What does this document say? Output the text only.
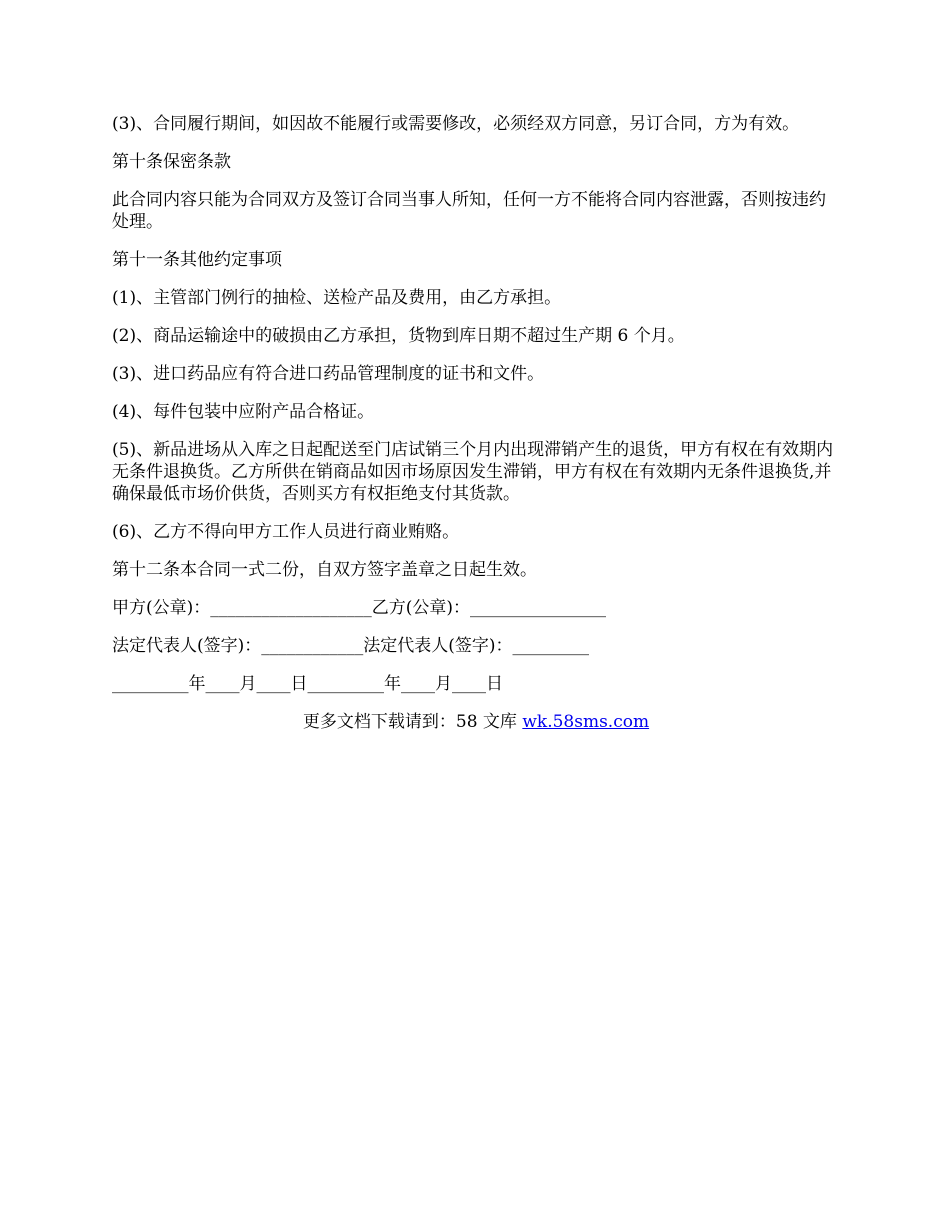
(3)、合同履行期间，如因故不能履行或需要修改，必须经双方同意，另订合同，方为有效。

第十条保密条款

此合同内容只能为合同双方及签订合同当事人所知，任何一方不能将合同内容泄露，否则按违约处理。

第十一条其他约定事项

(1)、主管部门例行的抽检、送检产品及费用，由乙方承担。

(2)、商品运输途中的破损由乙方承担，货物到库日期不超过生产期 6 个月。

(3)、进口药品应有符合进口药品管理制度的证书和文件。

(4)、每件包装中应附产品合格证。

(5)、新品进场从入库之日起配送至门店试销三个月内出现滞销产生的退货，甲方有权在有效期内无条件退换货。乙方所供在销商品如因市场原因发生滞销，甲方有权在有效期内无条件退换货,并确保最低市场价供货，否则买方有权拒绝支付其货款。

(6)、乙方不得向甲方工作人员进行商业贿赂。

第十二条本合同一式二份，自双方签字盖章之日起生效。

甲方(公章)：___________________乙方(公章)：________________

法定代表人(签字)：____________法定代表人(签字)：_________

_________年____月____日_________年____月____日

更多文档下载请到：58 文库 wk.58sms.com
